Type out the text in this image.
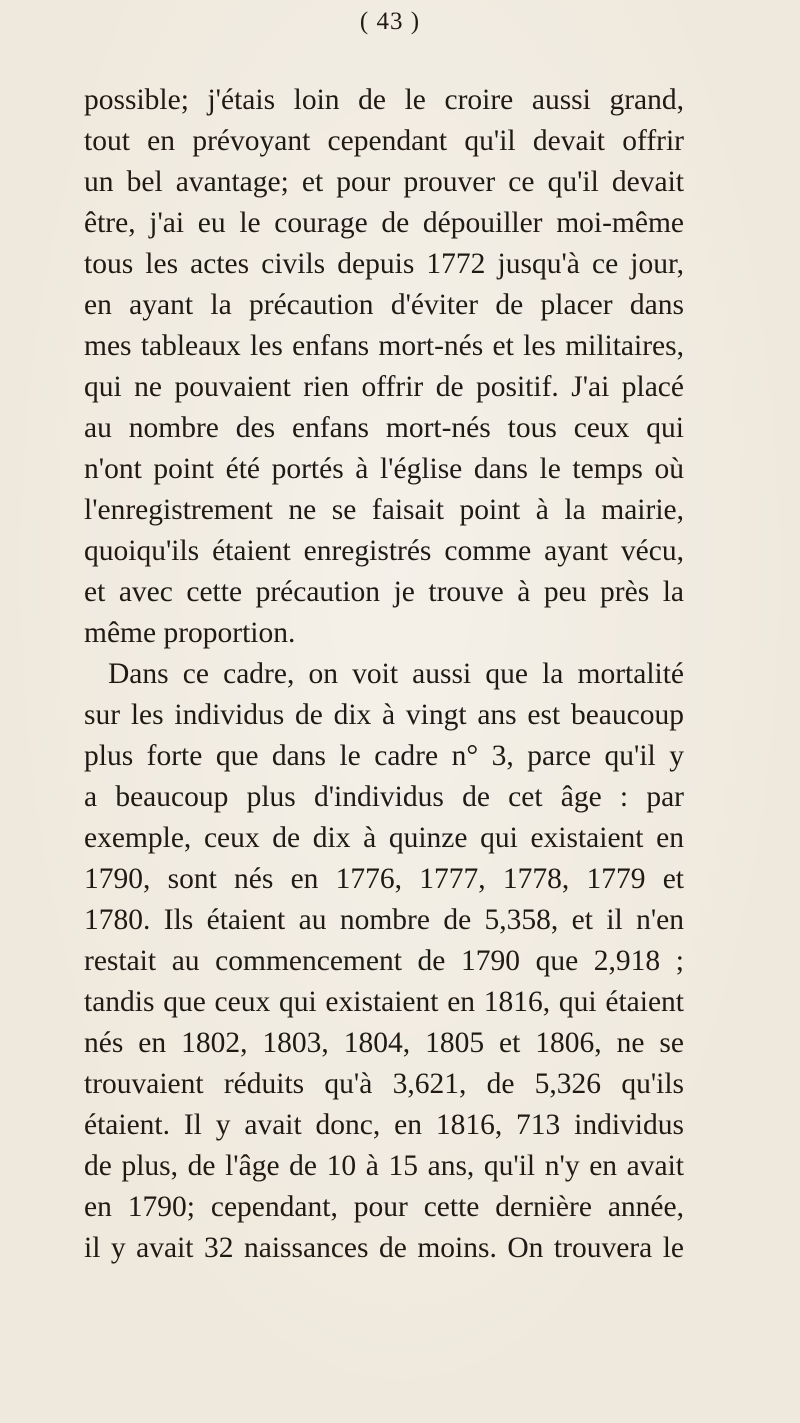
( 43 )
possible; j'étais loin de le croire aussi grand,
tout en prévoyant cependant qu'il devait offrir
un bel avantage; et pour prouver ce qu'il devait
être, j'ai eu le courage de dépouiller moi-même
tous les actes civils depuis 1772 jusqu'à ce jour,
en ayant la précaution d'éviter de placer dans
mes tableaux les enfans mort-nés et les militaires,
qui ne pouvaient rien offrir de positif. J'ai placé
au nombre des enfans mort-nés tous ceux qui
n'ont point été portés à l'église dans le temps où
l'enregistrement ne se faisait point à la mairie,
quoiqu'ils étaient enregistrés comme ayant vécu,
et avec cette précaution je trouve à peu près la
même proportion.
Dans ce cadre, on voit aussi que la mortalité
sur les individus de dix à vingt ans est beaucoup
plus forte que dans le cadre n° 3, parce qu'il y
a beaucoup plus d'individus de cet âge : par
exemple, ceux de dix à quinze qui existaient en
1790, sont nés en 1776, 1777, 1778, 1779 et
1780. Ils étaient au nombre de 5,358, et il n'en
restait au commencement de 1790 que 2,918 ;
tandis que ceux qui existaient en 1816, qui étaient
nés en 1802, 1803, 1804, 1805 et 1806, ne se
trouvaient réduits qu'à 3,621, de 5,326 qu'ils
étaient. Il y avait donc, en 1816, 713 individus
de plus, de l'âge de 10 à 15 ans, qu'il n'y en avait
en 1790; cependant, pour cette dernière année,
il y avait 32 naissances de moins. On trouvera le
